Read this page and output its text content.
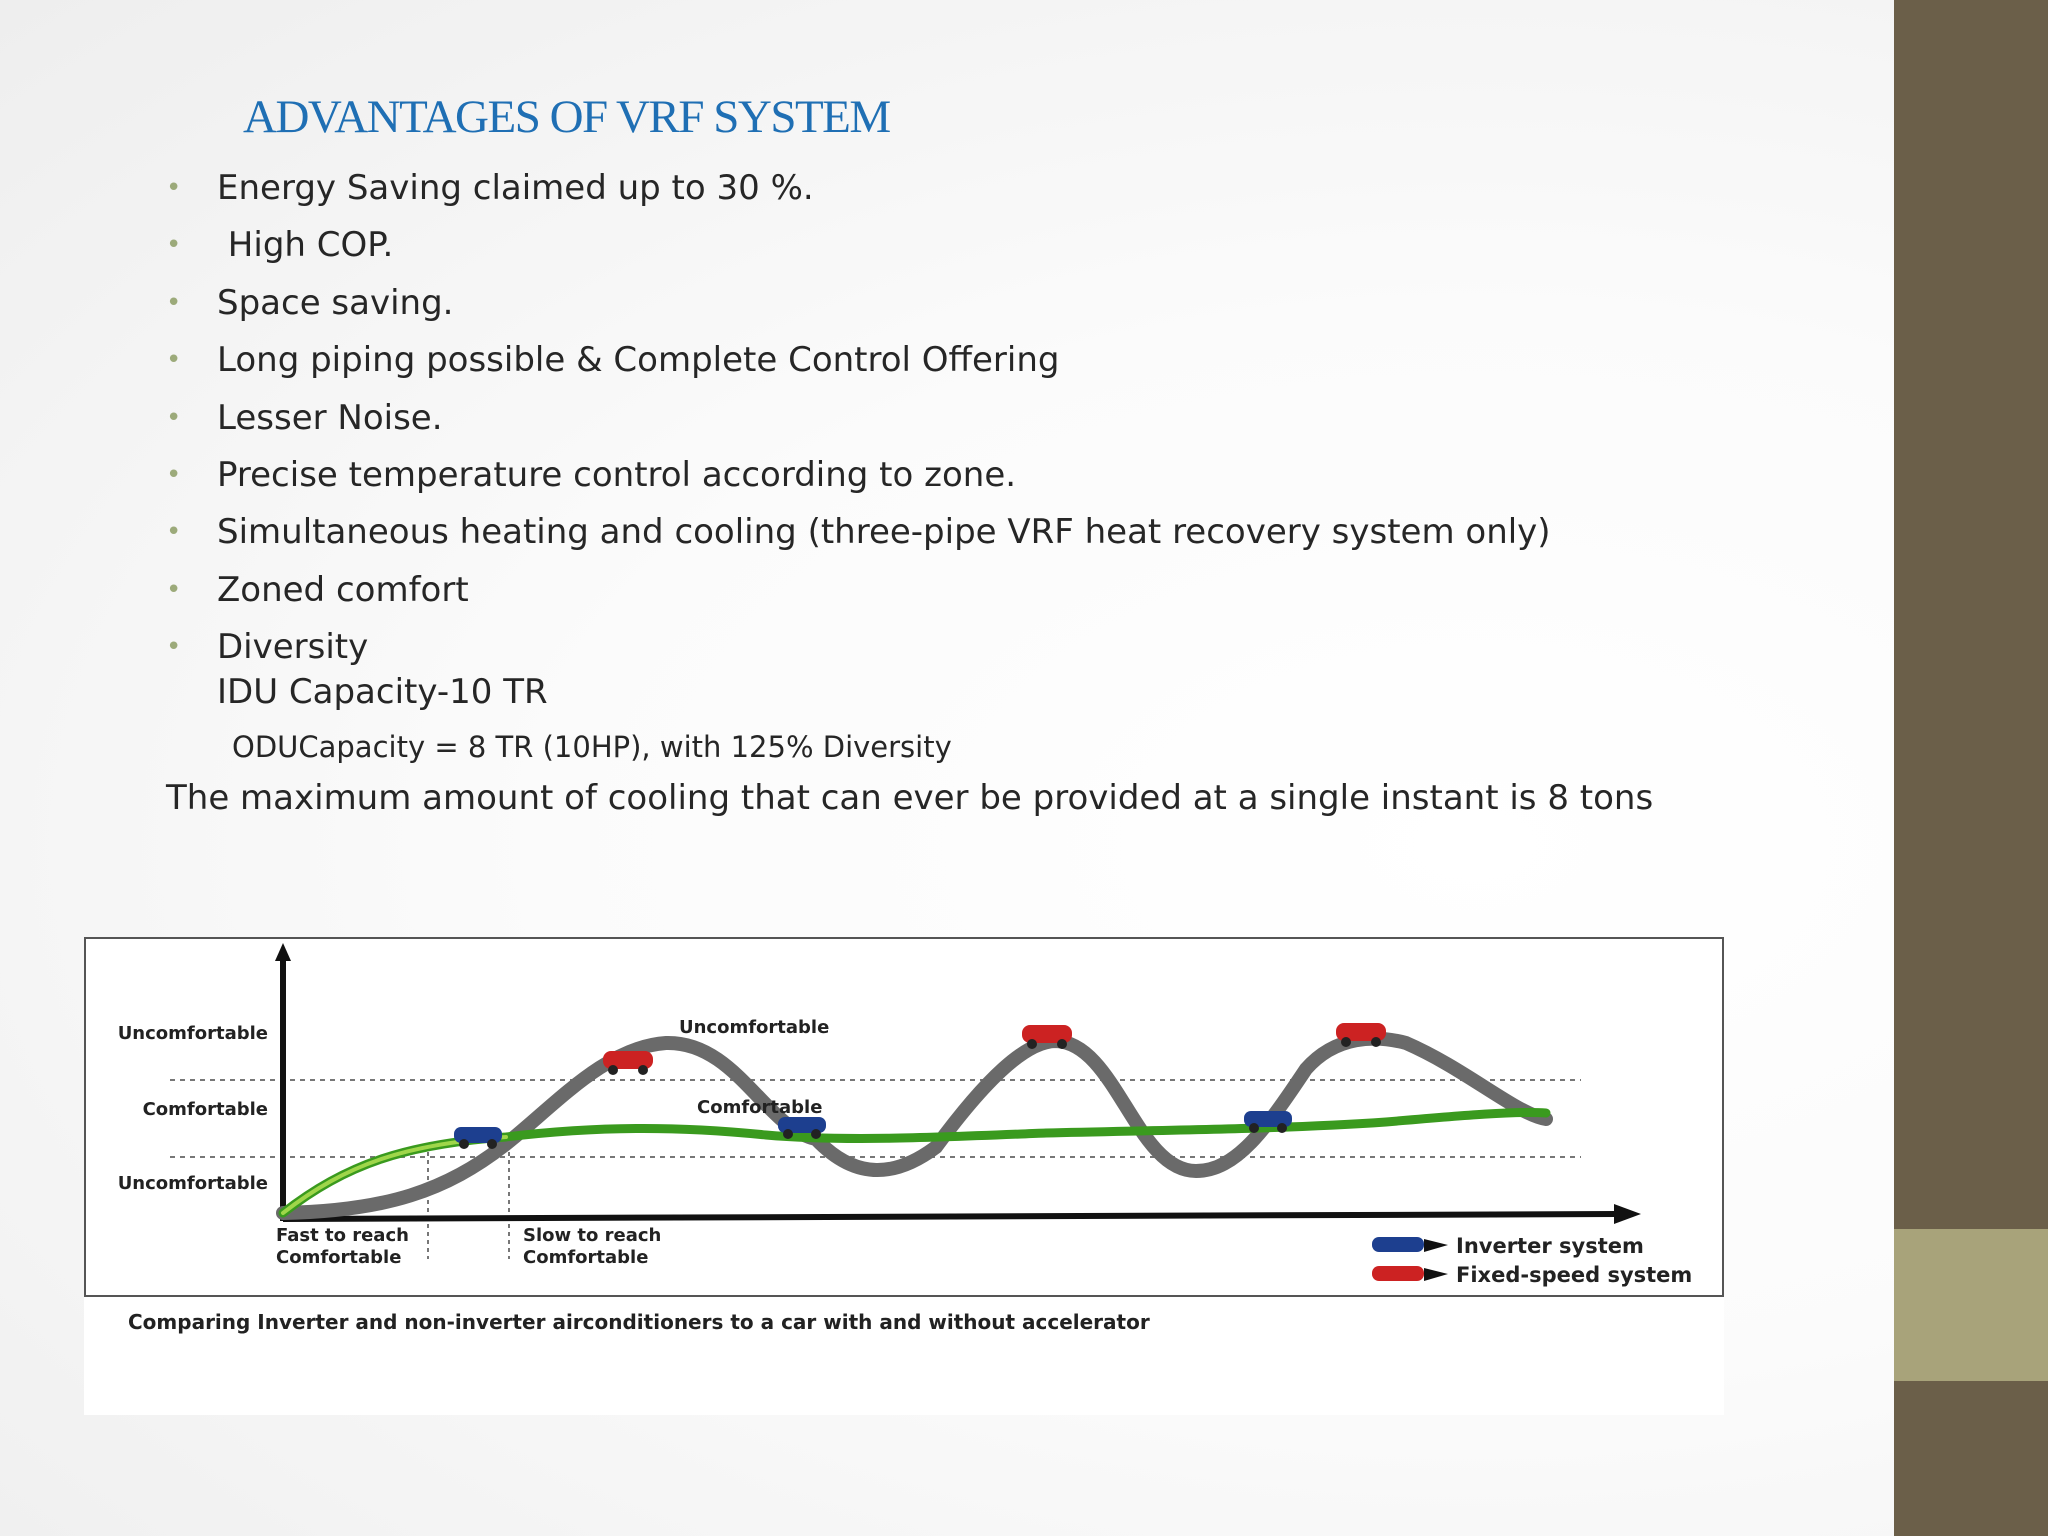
ADVANTAGES OF VRF SYSTEM
• Energy Saving claimed up to 30 %.
•  High COP.
• Space saving.
• Long piping possible & Complete Control Offering
• Lesser Noise.
• Precise temperature control according to zone.
• Simultaneous heating and cooling (three-pipe VRF heat recovery system only)
• Zoned comfort
• Diversity
IDU Capacity-10 TR
ODUCapacity = 8 TR (10HP), with 125% Diversity
The maximum amount of cooling that can ever be provided at a single instant is 8 tons
Uncomfortable
Comfortable
Uncomfortable
Uncomfortable
Comfortable
Fast to reach
Comfortable
Slow to reach
Comfortable	Inverter system
Fixed-speed system
Comparing Inverter and non-inverter airconditioners to a car with and without accelerator
